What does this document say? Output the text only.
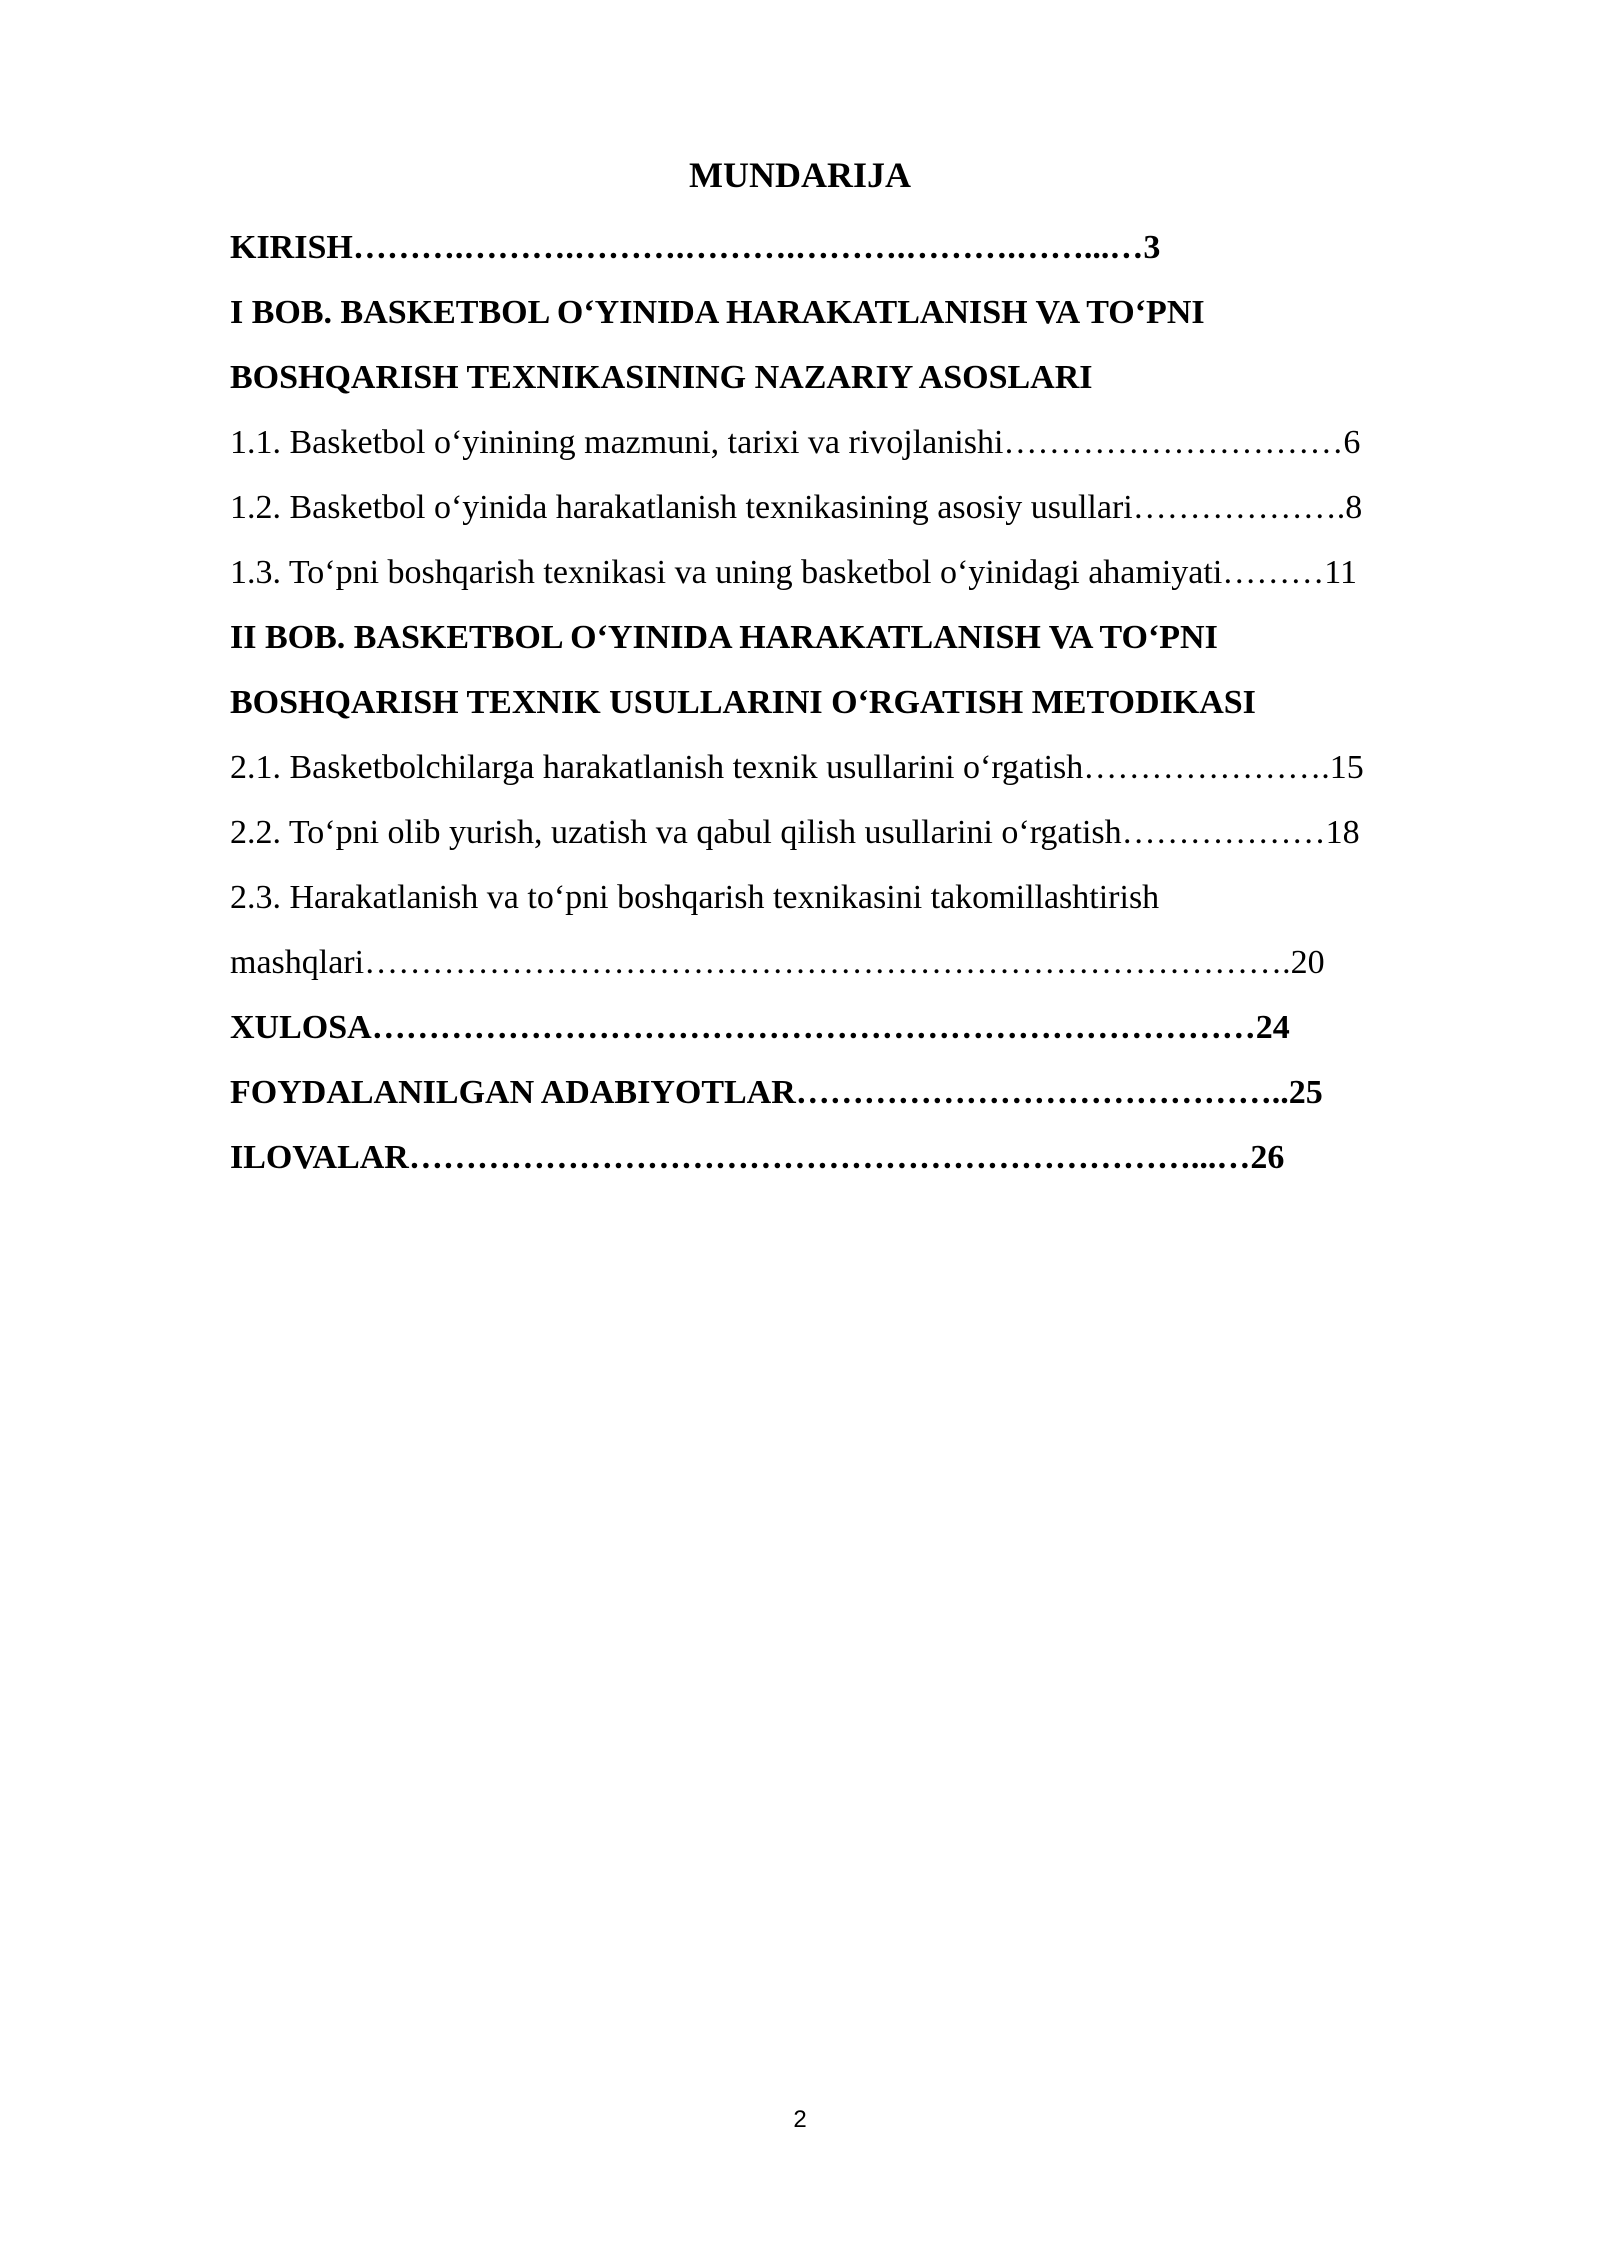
MUNDARIJA
KIRISH……….……….……….……….……….……….……...…3
I BOB. BASKETBOL O‘YINIDA HARAKATLANISH VA TO‘PNI
BOSHQARISH TEXNIKASINING NAZARIY ASOSLARI
1.1. Basketbol o‘yinining mazmuni, tarixi va rivojlanishi…………………………6
1.2. Basketbol o‘yinida harakatlanish texnikasining asosiy usullari……………….8
1.3. To‘pni boshqarish texnikasi va uning basketbol o‘yinidagi ahamiyati………11
II BOB. BASKETBOL O‘YINIDA HARAKATLANISH VA TO‘PNI
BOSHQARISH TEXNIK USULLARINI O‘RGATISH METODIKASI
2.1. Basketbolchilarga harakatlanish texnik usullarini o‘rgatish………………….15
2.2. To‘pni olib yurish, uzatish va qabul qilish usullarini o‘rgatish………………18
2.3. Harakatlanish va to‘pni boshqarish texnikasini takomillashtirish
mashqlari……………………………………………………………………….20
XULOSA……………………………………………………………………24
FOYDALANILGAN ADABIYOTLAR……………………………………..25
ILOVALAR……………………………………………………………...…26
2
